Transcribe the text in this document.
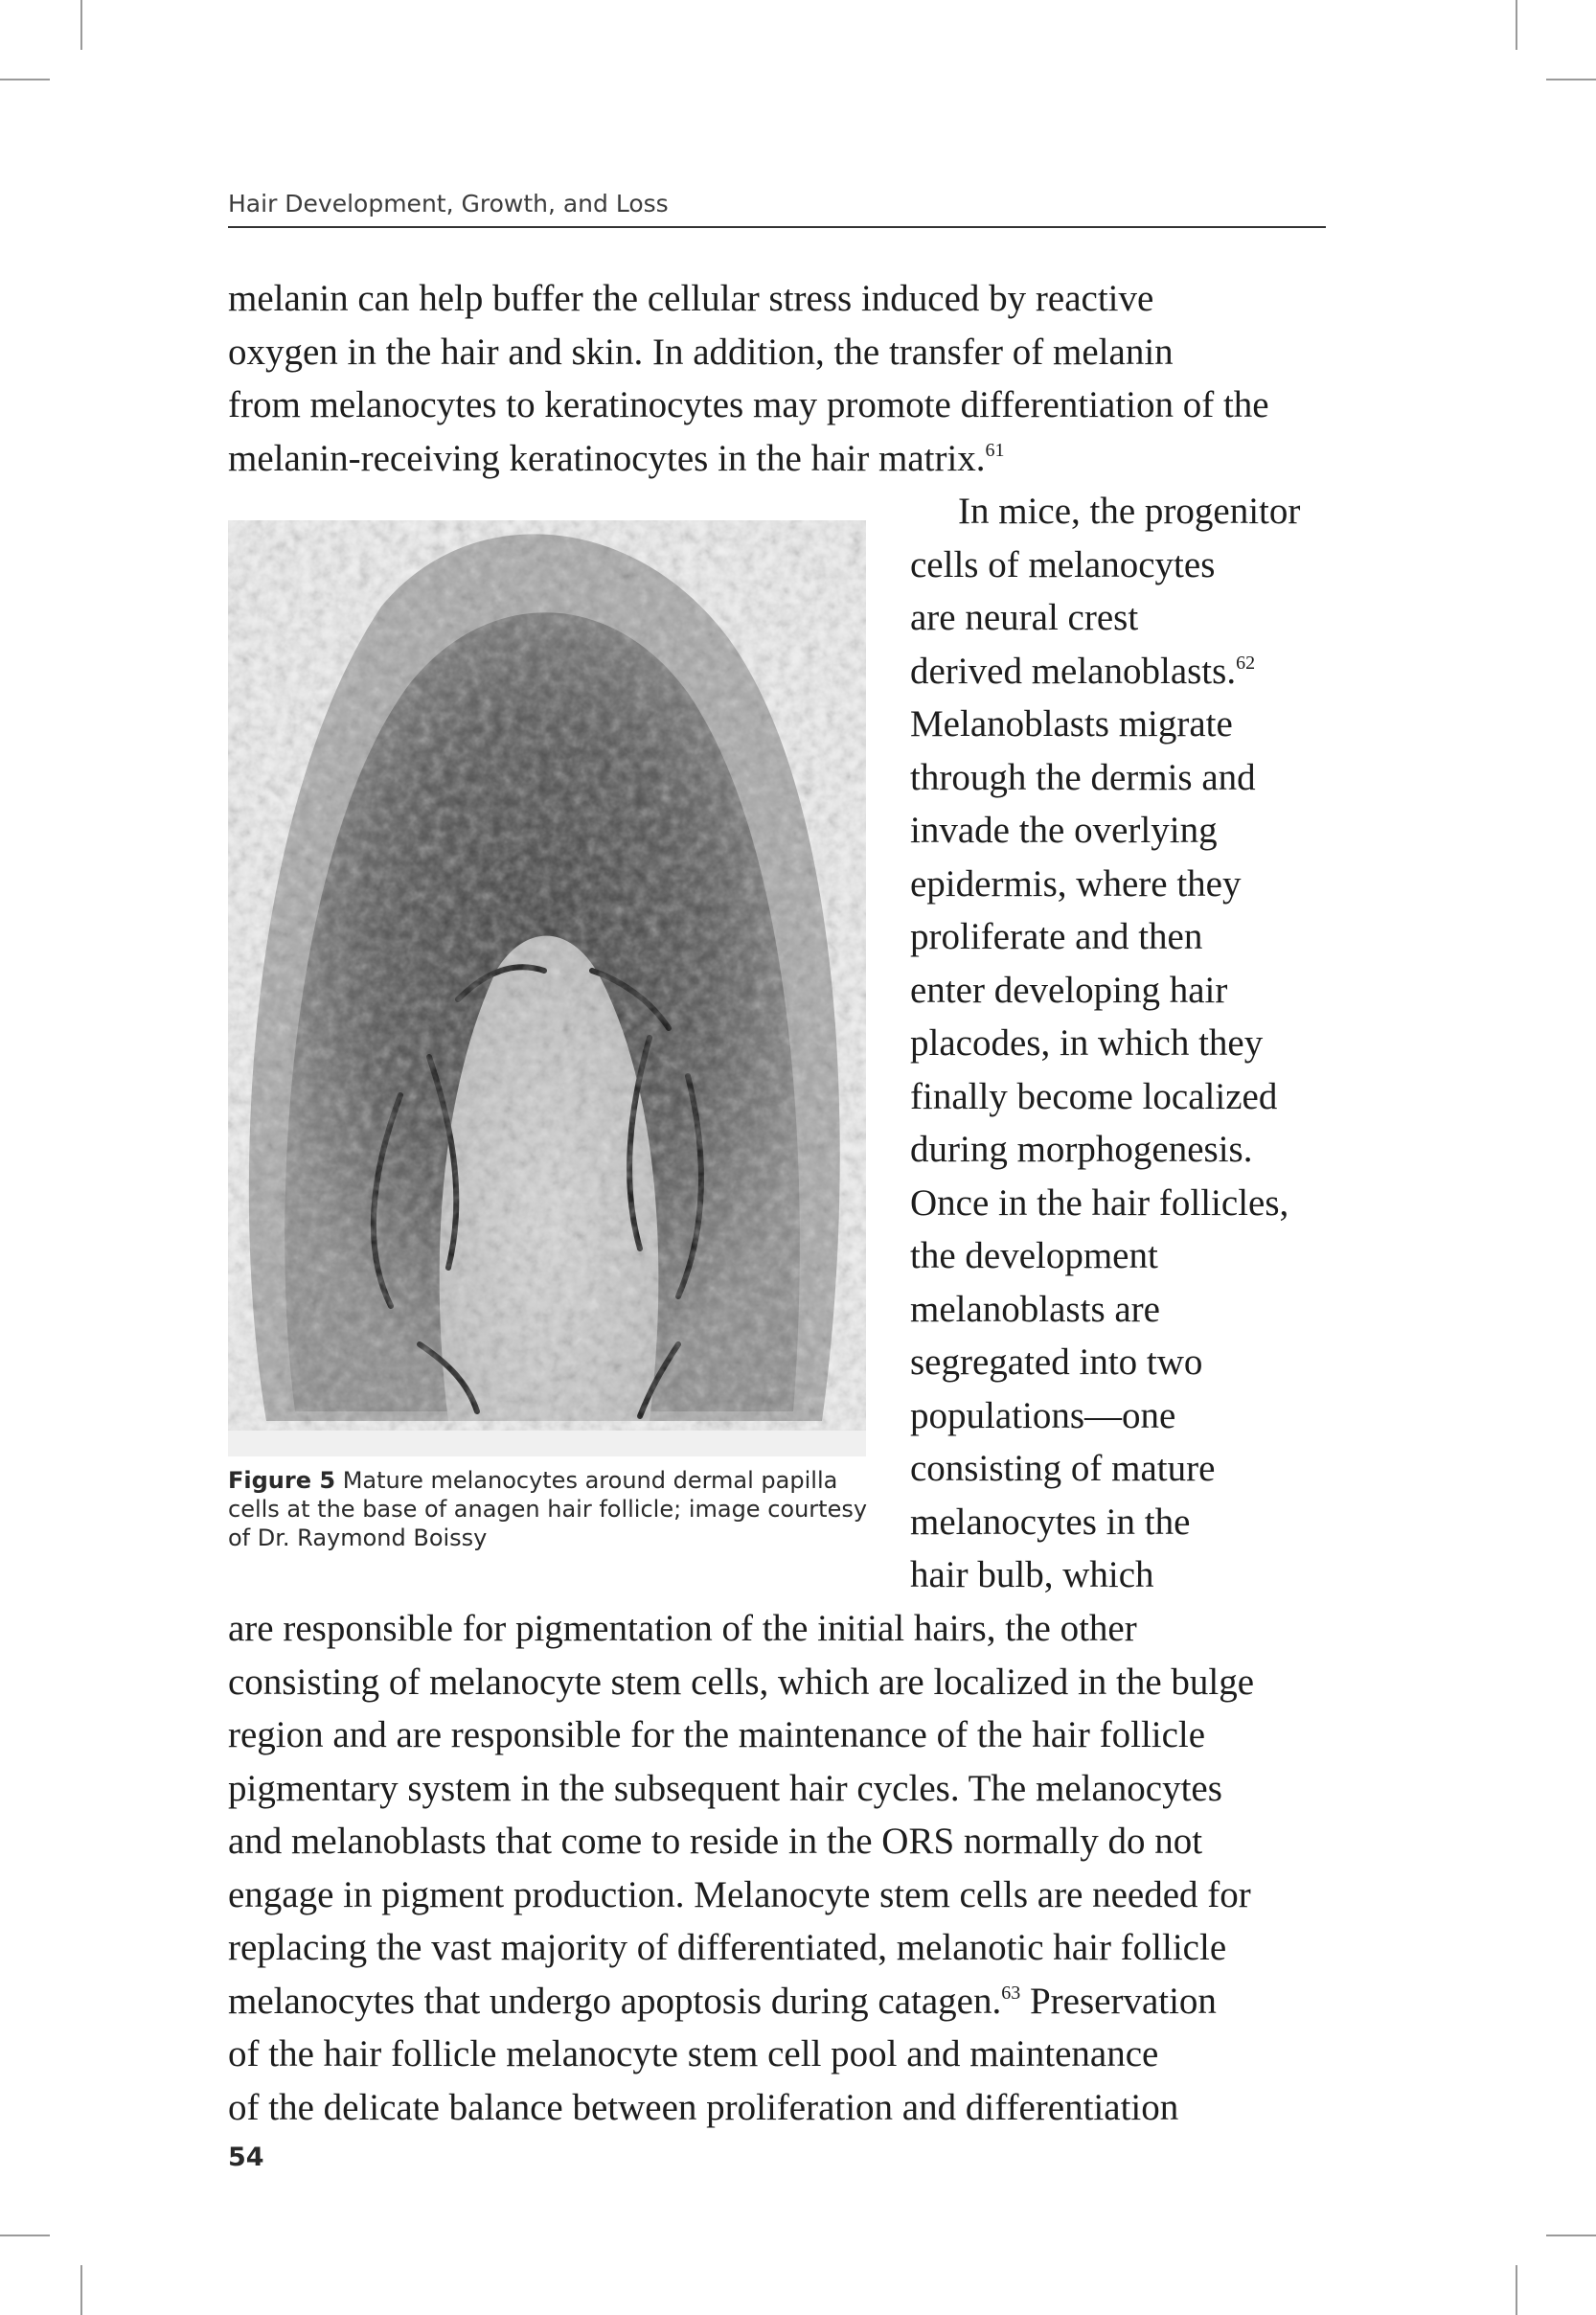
Hair Development, Growth, and Loss
melanin can help buffer the cellular stress induced by reactive
oxygen in the hair and skin. In addition, the transfer of melanin
from melanocytes to keratinocytes may promote differentiation of the
melanin-receiving keratinocytes in the hair matrix.$^{61}$
In mice, the progenitor
cells of melanocytes
are neural crest
derived melanoblasts.$^{62}$
Melanoblasts migrate
through the dermis and
invade the overlying
epidermis, where they
proliferate and then
enter developing hair
placodes, in which they
finally become localized
during morphogenesis.
Once in the hair follicles,
the development
melanoblasts are
segregated into two
populations—one
consisting of mature
melanocytes in the
hair bulb, which
are responsible for pigmentation of the initial hairs, the other
consisting of melanocyte stem cells, which are localized in the bulge
region and are responsible for the maintenance of the hair follicle
pigmentary system in the subsequent hair cycles. The melanocytes
and melanoblasts that come to reside in the ORS normally do not
engage in pigment production. Melanocyte stem cells are needed for
replacing the vast majority of differentiated, melanotic hair follicle
melanocytes that undergo apoptosis during catagen.$^{63}$ Preservation
of the hair follicle melanocyte stem cell pool and maintenance
of the delicate balance between proliferation and differentiation
Figure 5 Mature melanocytes around dermal papilla
cells at the base of anagen hair follicle; image courtesy
of Dr. Raymond Boissy
54
